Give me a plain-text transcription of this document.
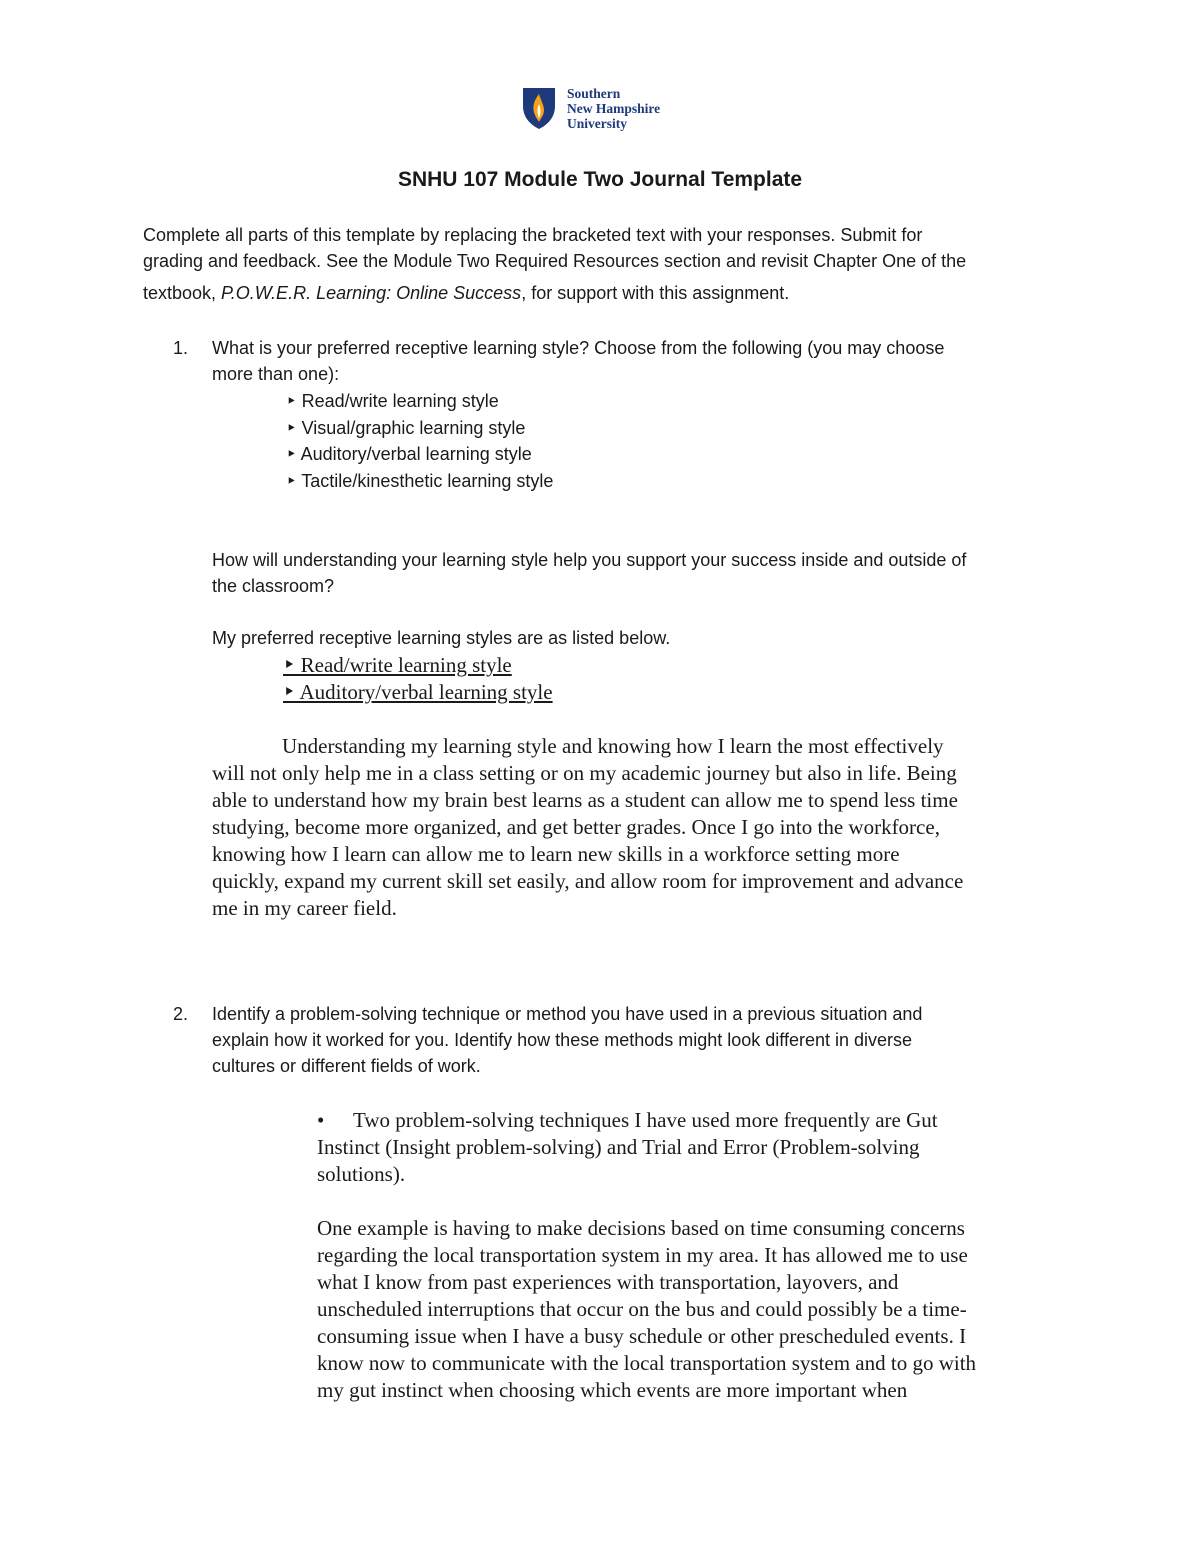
Southern
New Hampshire
University
SNHU 107 Module Two Journal Template

Complete all parts of this template by replacing the bracketed text with your responses. Submit for

grading and feedback. See the Module Two Required Resources section and revisit Chapter One of the

textbook, P.O.W.E.R. Learning: Online Success, for support with this assignment.

1. What is your preferred receptive learning style? Choose from the following (you may choose

more than one):

‣ Read/write learning style
‣ Visual/graphic learning style
‣ Auditory/verbal learning style
‣ Tactile/kinesthetic learning style

How will understanding your learning style help you support your success inside and outside of

the classroom?

My preferred receptive learning styles are as listed below.
‣ Read/write learning style
‣ Auditory/verbal learning style

Understanding my learning style and knowing how I learn the most effectively

will not only help me in a class setting or on my academic journey but also in life. Being

able to understand how my brain best learns as a student can allow me to spend less time

studying, become more organized, and get better grades. Once I go into the workforce,

knowing how I learn can allow me to learn new skills in a workforce setting more

quickly, expand my current skill set easily, and allow room for improvement and advance

me in my career field.

2. Identify a problem-solving technique or method you have used in a previous situation and

explain how it worked for you. Identify how these methods might look different in diverse

cultures or different fields of work.

• Two problem-solving techniques I have used more frequently are Gut

Instinct (Insight problem-solving) and Trial and Error (Problem-solving

solutions).

One example is having to make decisions based on time consuming concerns

regarding the local transportation system in my area. It has allowed me to use

what I know from past experiences with transportation, layovers, and

unscheduled interruptions that occur on the bus and could possibly be a time-

consuming issue when I have a busy schedule or other prescheduled events. I

know now to communicate with the local transportation system and to go with

my gut instinct when choosing which events are more important when
